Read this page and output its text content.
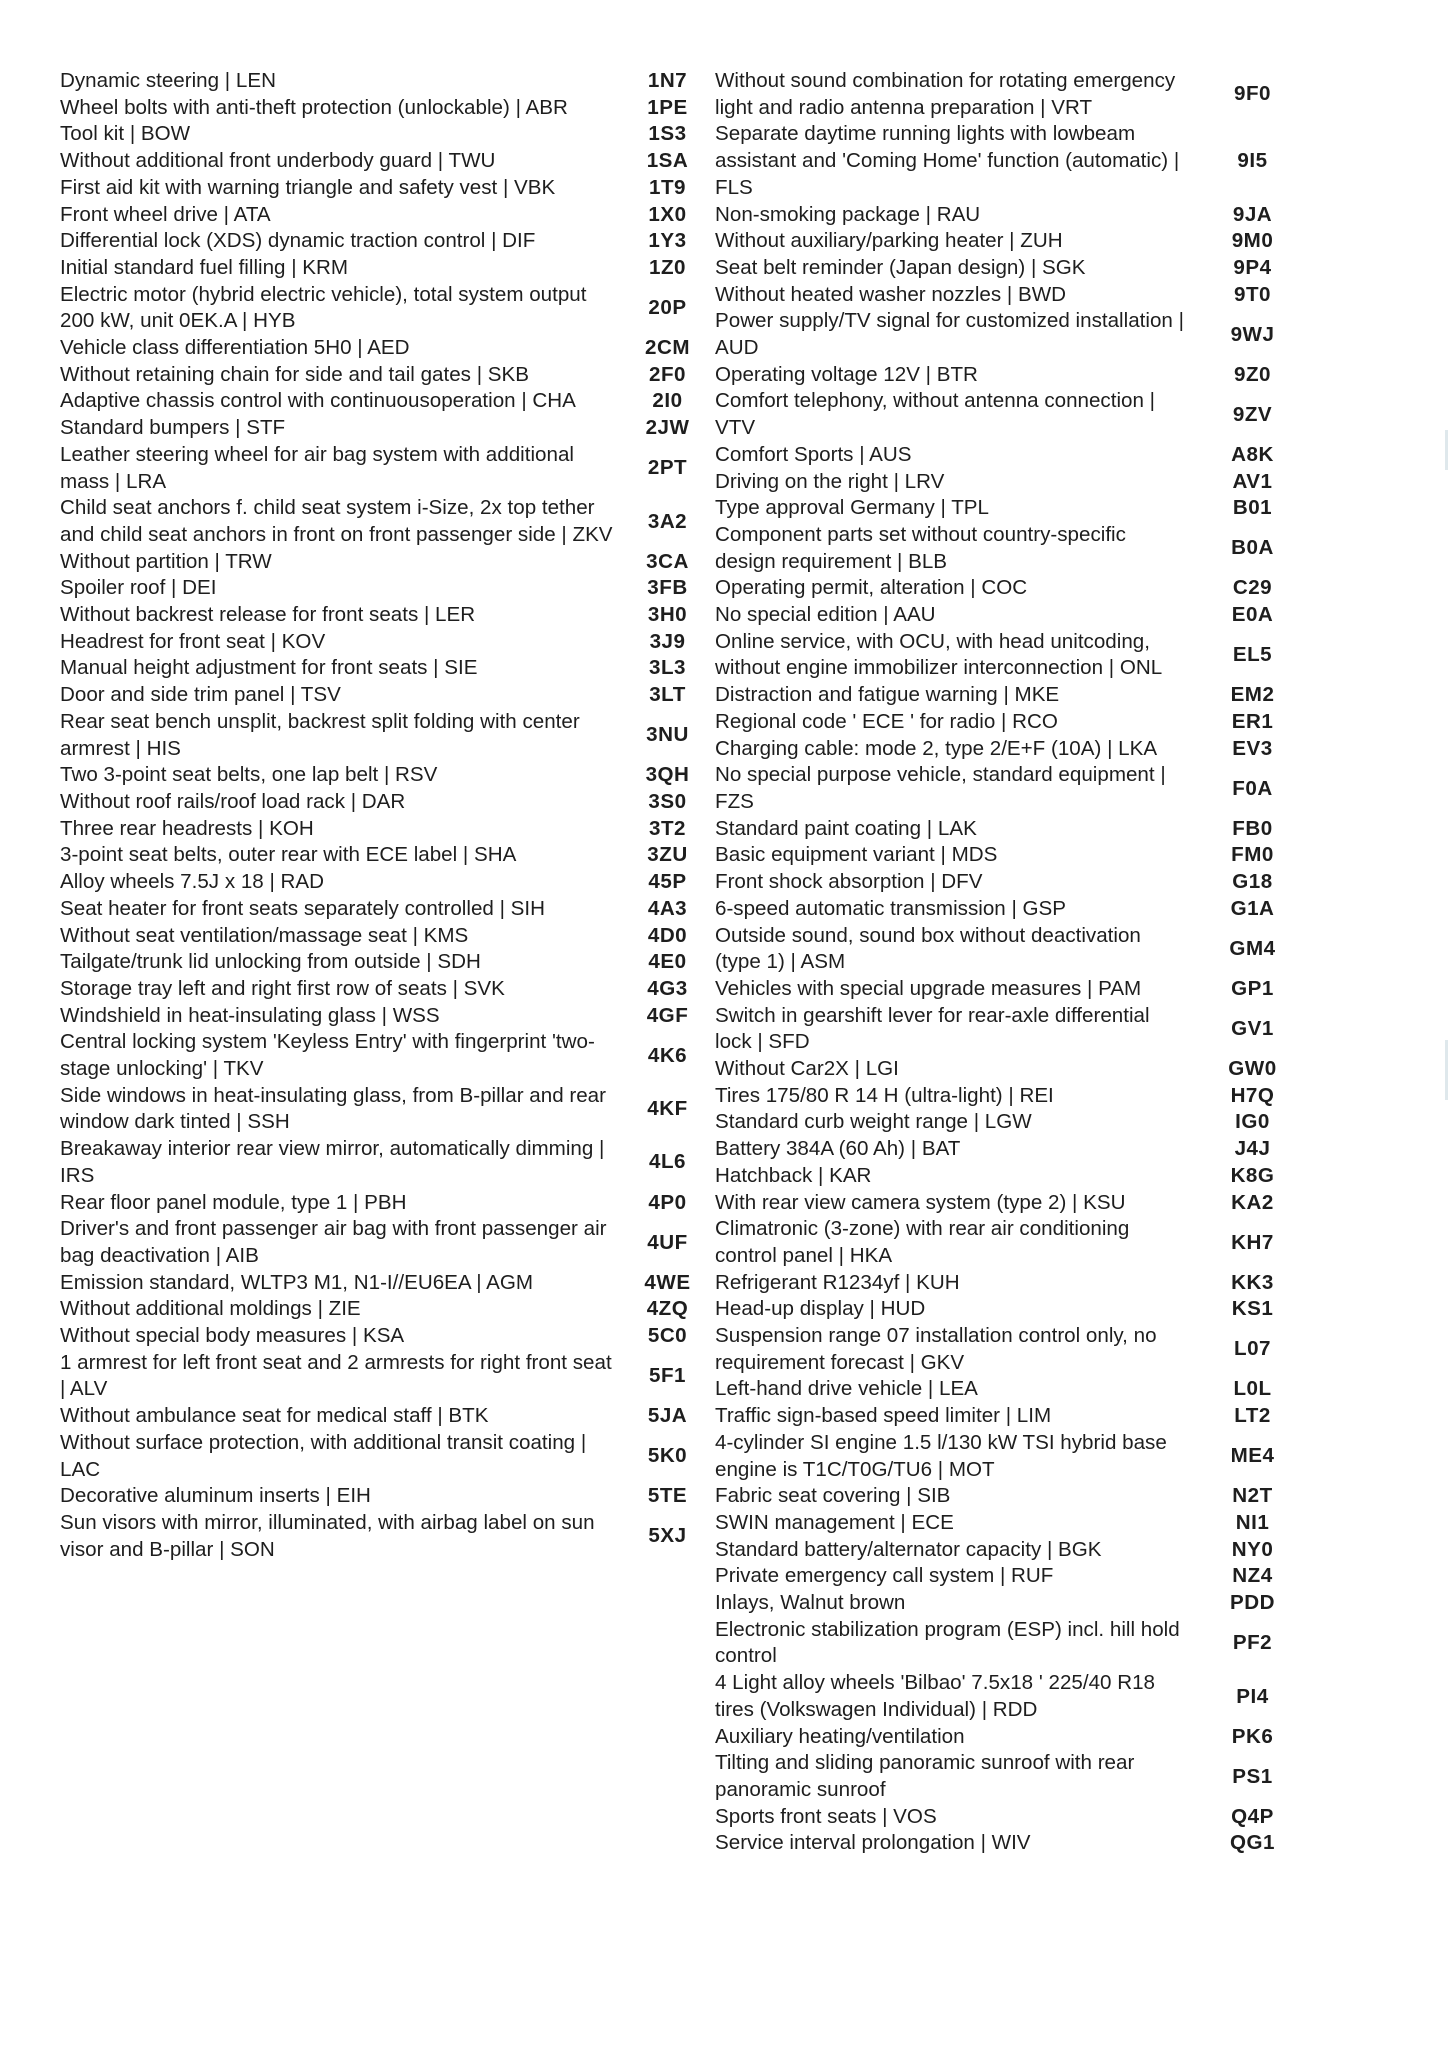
Dynamic steering | LEN	1N7
Wheel bolts with anti-theft protection (unlockable) | ABR	1PE
Tool kit | BOW	1S3
Without additional front underbody guard | TWU	1SA
First aid kit with warning triangle and safety vest | VBK	1T9
Front wheel drive | ATA	1X0
Differential lock (XDS) dynamic traction control | DIF	1Y3
Initial standard fuel filling | KRM	1Z0
Electric motor (hybrid electric vehicle), total system output 200 kW, unit 0EK.A | HYB	20P
Vehicle class differentiation 5H0 | AED	2CM
Without retaining chain for side and tail gates | SKB	2F0
Adaptive chassis control with continuousoperation | CHA	2I0
Standard bumpers | STF	2JW
Leather steering wheel for air bag system with additional mass | LRA	2PT
Child seat anchors f. child seat system i-Size, 2x top tether and child seat anchors in front on front passenger side | ZKV	3A2
Without partition | TRW	3CA
Spoiler roof | DEI	3FB
Without backrest release for front seats | LER	3H0
Headrest for front seat | KOV	3J9
Manual height adjustment for front seats | SIE	3L3
Door and side trim panel | TSV	3LT
Rear seat bench unsplit, backrest split folding with center armrest | HIS	3NU
Two 3-point seat belts, one lap belt | RSV	3QH
Without roof rails/roof load rack | DAR	3S0
Three rear headrests | KOH	3T2
3-point seat belts, outer rear with ECE label | SHA	3ZU
Alloy wheels 7.5J x 18 | RAD	45P
Seat heater for front seats separately controlled | SIH	4A3
Without seat ventilation/massage seat | KMS	4D0
Tailgate/trunk lid unlocking from outside | SDH	4E0
Storage tray left and right first row of seats | SVK	4G3
Windshield in heat-insulating glass | WSS	4GF
Central locking system 'Keyless Entry' with fingerprint 'two-stage unlocking' | TKV	4K6
Side windows in heat-insulating glass, from B-pillar and rear window dark tinted | SSH	4KF
Breakaway interior rear view mirror, automatically dimming | IRS	4L6
Rear floor panel module, type 1 | PBH	4P0
Driver's and front passenger air bag with front passenger air bag deactivation | AIB	4UF
Emission standard, WLTP3 M1, N1-I//EU6EA | AGM	4WE
Without additional moldings | ZIE	4ZQ
Without special body measures | KSA	5C0
1 armrest for left front seat and 2 armrests for right front seat | ALV	5F1
Without ambulance seat for medical staff | BTK	5JA
Without surface protection, with additional transit coating | LAC	5K0
Decorative aluminum inserts | EIH	5TE
Sun visors with mirror, illuminated, with airbag label on sun visor and B-pillar | SON	5XJ
Without sound combination for rotating emergency light and radio antenna preparation | VRT	9F0
Separate daytime running lights with lowbeam assistant and 'Coming Home' function (automatic) | FLS	9I5
Non-smoking package | RAU	9JA
Without auxiliary/parking heater | ZUH	9M0
Seat belt reminder (Japan design) | SGK	9P4
Without heated washer nozzles | BWD	9T0
Power supply/TV signal for customized installation | AUD	9WJ
Operating voltage 12V | BTR	9Z0
Comfort telephony, without antenna connection | VTV	9ZV
Comfort Sports | AUS	A8K
Driving on the right | LRV	AV1
Type approval Germany | TPL	B01
Component parts set without country-specific design requirement | BLB	B0A
Operating permit, alteration | COC	C29
No special edition | AAU	E0A
Online service, with OCU, with head unitcoding, without engine immobilizer interconnection | ONL	EL5
Distraction and fatigue warning | MKE	EM2
Regional code ' ECE ' for radio | RCO	ER1
Charging cable: mode 2, type 2/E+F (10A) | LKA	EV3
No special purpose vehicle, standard equipment | FZS	F0A
Standard paint coating | LAK	FB0
Basic equipment variant | MDS	FM0
Front shock absorption | DFV	G18
6-speed automatic transmission | GSP	G1A
Outside sound, sound box without deactivation (type 1) | ASM	GM4
Vehicles with special upgrade measures | PAM	GP1
Switch in gearshift lever for rear-axle differential lock | SFD	GV1
Without Car2X | LGI	GW0
Tires 175/80 R 14 H (ultra-light) | REI	H7Q
Standard curb weight range | LGW	IG0
Battery 384A (60 Ah) | BAT	J4J
Hatchback | KAR	K8G
With rear view camera system (type 2) | KSU	KA2
Climatronic (3-zone) with rear air conditioning control panel | HKA	KH7
Refrigerant R1234yf | KUH	KK3
Head-up display | HUD	KS1
Suspension range 07 installation control only, no requirement forecast | GKV	L07
Left-hand drive vehicle | LEA	L0L
Traffic sign-based speed limiter | LIM	LT2
4-cylinder SI engine 1.5 l/130 kW TSI hybrid base engine is T1C/T0G/TU6 | MOT	ME4
Fabric seat covering | SIB	N2T
SWIN management | ECE	NI1
Standard battery/alternator capacity | BGK	NY0
Private emergency call system | RUF	NZ4
Inlays, Walnut brown	PDD
Electronic stabilization program (ESP) incl. hill hold control	PF2
4 Light alloy wheels 'Bilbao' 7.5x18 ' 225/40 R18 tires (Volkswagen Individual) | RDD	PI4
Auxiliary heating/ventilation	PK6
Tilting and sliding panoramic sunroof with rear panoramic sunroof	PS1
Sports front seats | VOS	Q4P
Service interval prolongation | WIV	QG1
